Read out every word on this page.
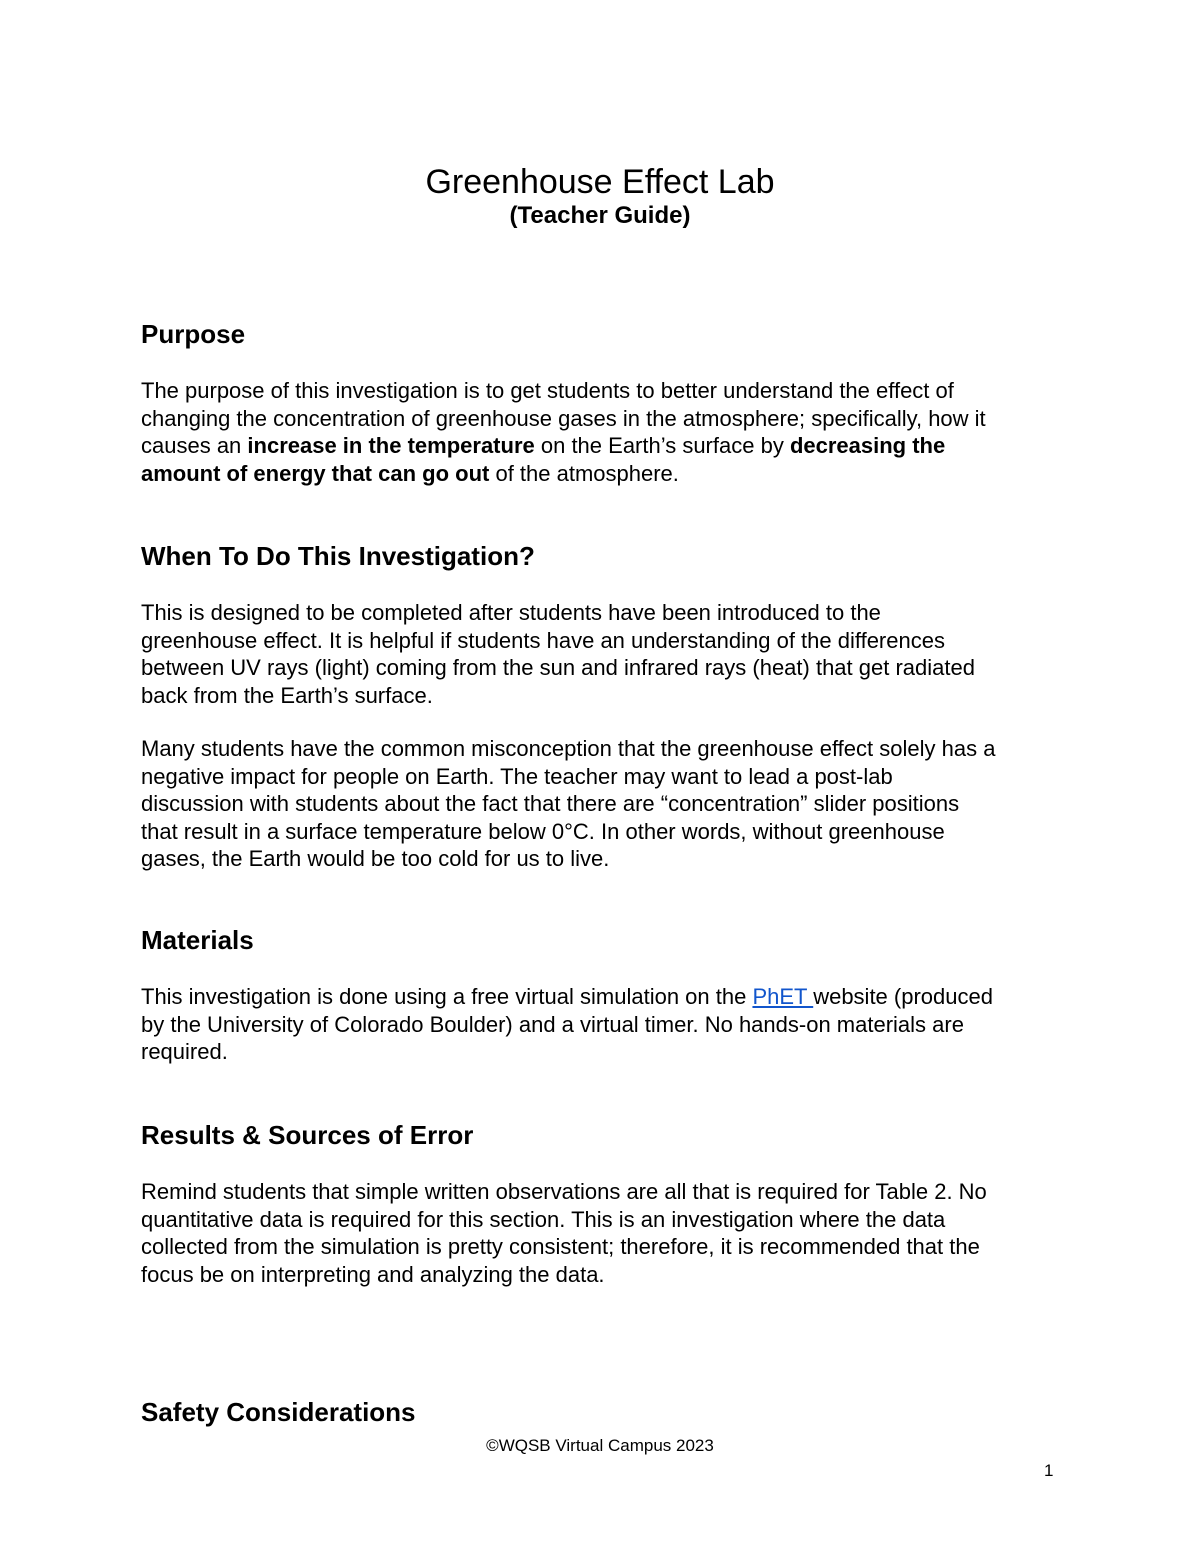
Greenhouse Effect Lab
(Teacher Guide)
Purpose
The purpose of this investigation is to get students to better understand the effect of
changing the concentration of greenhouse gases in the atmosphere; specifically, how it
causes an increase in the temperature on the Earth’s surface by decreasing the
amount of energy that can go out of the atmosphere.
When To Do This Investigation?
This is designed to be completed after students have been introduced to the
greenhouse effect. It is helpful if students have an understanding of the differences
between UV rays (light) coming from the sun and infrared rays (heat) that get radiated
back from the Earth’s surface.
Many students have the common misconception that the greenhouse effect solely has a
negative impact for people on Earth. The teacher may want to lead a post-lab
discussion with students about the fact that there are “concentration” slider positions
that result in a surface temperature below 0°C. In other words, without greenhouse
gases, the Earth would be too cold for us to live.
Materials
This investigation is done using a free virtual simulation on the PhET website (produced
by the University of Colorado Boulder) and a virtual timer. No hands-on materials are
required.
Results & Sources of Error
Remind students that simple written observations are all that is required for Table 2. No
quantitative data is required for this section. This is an investigation where the data
collected from the simulation is pretty consistent; therefore, it is recommended that the
focus be on interpreting and analyzing the data.
Safety Considerations
©WQSB Virtual Campus 2023
1
